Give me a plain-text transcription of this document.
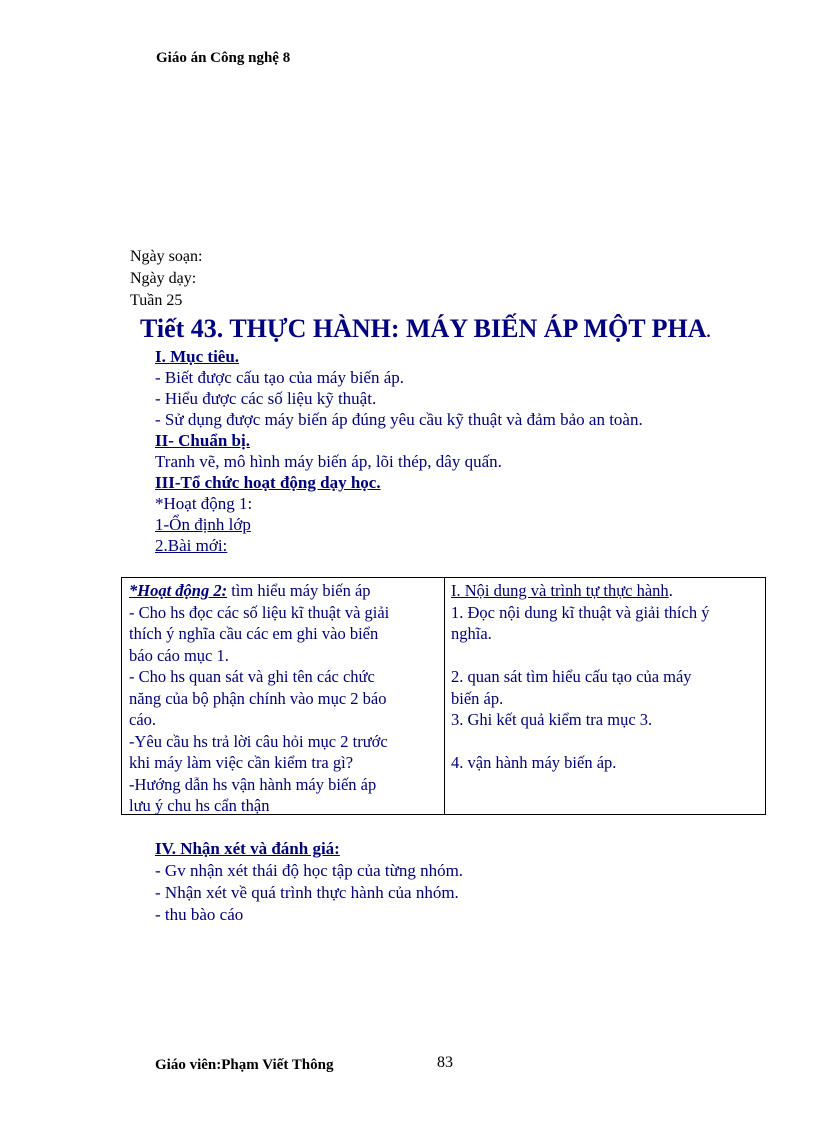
Giáo án Công nghệ 8
Ngày soạn:
Ngày dạy:
Tuần 25
Tiết 43. THỰC HÀNH: MÁY BIẾN ÁP MỘT PHA.
I. Mục tiêu.
- Biết được cấu tạo của máy biến áp.
- Hiểu được các số liệu kỹ thuật.
- Sử dụng được máy biến áp đúng yêu cầu kỹ thuật và đảm bảo an toàn.
II- Chuẩn bị.
Tranh vẽ, mô hình máy biến áp, lõi thép, dây quấn.
III-Tổ chức hoạt động dạy học.
*Hoạt động 1:
1-Ổn định lớp
2.Bài mới:
*Hoạt động 2: tìm hiểu máy biến áp
- Cho hs đọc các số liệu kĩ thuật và giải
thích ý nghĩa cầu các em ghi vào biển
báo cáo mục 1.
- Cho hs quan sát và ghi tên các chức
năng của bộ phận chính vào mục 2 báo
cáo.
-Yêu cầu hs trả lời câu hỏi mục 2 trước
khi máy làm việc cần kiểm tra gì?
-Hướng dẫn hs vận hành máy biến áp
lưu ý chu hs cẩn thận
I. Nội dung và trình tự thực hành.
1. Đọc nội dung kĩ thuật và giải thích ý
nghĩa.
2. quan sát tìm hiểu cấu tạo của máy
biến áp.
3. Ghi kết quả kiểm tra mục 3.
4. vận hành máy biến áp.
IV. Nhận xét và đánh giá:
- Gv nhận xét thái độ học tập của từng nhóm.
- Nhận xét về quá trình thực hành của nhóm.
- thu bào cáo
Giáo viên:Phạm Viết Thông	83
